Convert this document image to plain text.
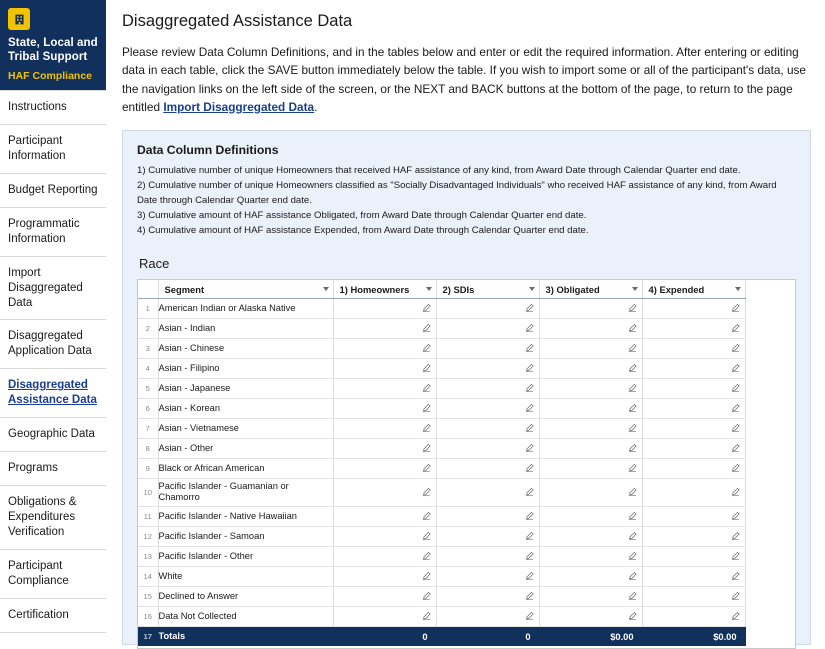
State, Local and Tribal Support
HAF Compliance
Instructions
Participant Information
Budget Reporting
Programmatic Information
Import Disaggregated Data
Disaggregated Application Data
Disaggregated Assistance Data
Geographic Data
Programs
Obligations & Expenditures Verification
Participant Compliance
Certification
Disaggregated Assistance Data

Please review Data Column Definitions, and in the tables below and enter or edit the required information. After entering or editing data in each table, click the SAVE button immediately below the table. If you wish to import some or all of the participant's data, use the navigation links on the left side of the screen, or the NEXT and BACK buttons at the bottom of the page, to return to the page entitled Import Disaggregated Data.

Data Column Definitions
1) Cumulative number of unique Homeowners that received HAF assistance of any kind, from Award Date through Calendar Quarter end date.
2) Cumulative number of unique Homeowners classified as "Socially Disadvantaged Individuals" who received HAF assistance of any kind, from Award Date through Calendar Quarter end date.
3) Cumulative amount of HAF assistance Obligated, from Award Date through Calendar Quarter end date.
4) Cumulative amount of HAF assistance Expended, from Award Date through Calendar Quarter end date.
Race

	Segment	1) Homeowners	2) SDIs	3) Obligated	4) Expended

1	American Indian or Alaska Native	

2	Asian - Indian	

3	Asian - Chinese	

4	Asian - Filipino	

5	Asian - Japanese	

6	Asian - Korean	

7	Asian - Vietnamese	

8	Asian - Other	

9	Black or African American	

10	Pacific Islander - Guamanian or Chamorro	

11	Pacific Islander - Native Hawaiian	

12	Pacific Islander - Samoan	

13	Pacific Islander - Other	

14	White	

15	Declined to Answer	

16	Data Not Collected	

17	Totals	0	0	$0.00	$0.00
